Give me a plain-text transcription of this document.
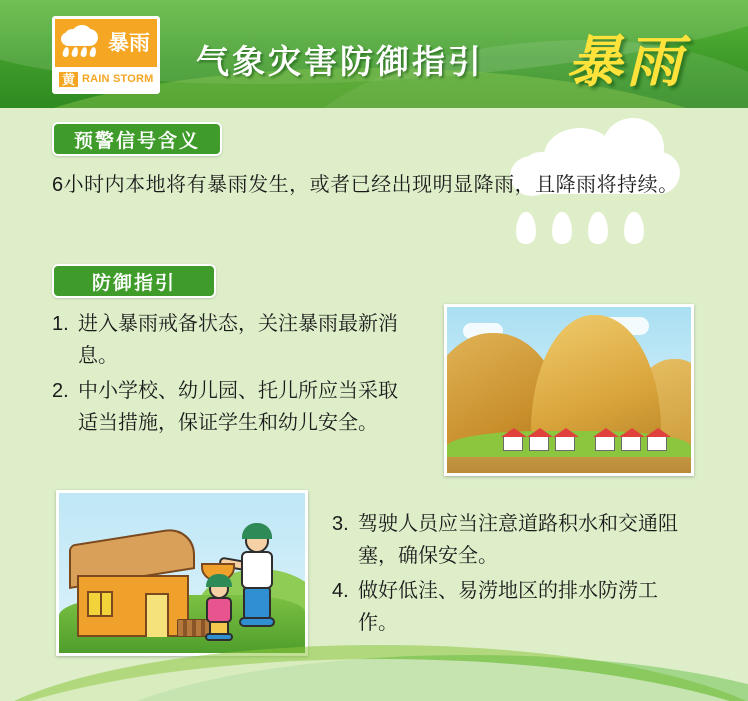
暴雨
黄 RAIN STORM 气象灾害防御指引 暴雨
预警信号含义
6小时内本地将有暴雨发生，或者已经出现明显降雨，且降雨将持续。
防御指引
1. 进入暴雨戒备状态，关注暴雨最新消息。
2. 中小学校、幼儿园、托儿所应当采取适当措施，保证学生和幼儿安全。
3. 驾驶人员应当注意道路积水和交通阻塞，确保安全。
4. 做好低洼、易涝地区的排水防涝工作。
